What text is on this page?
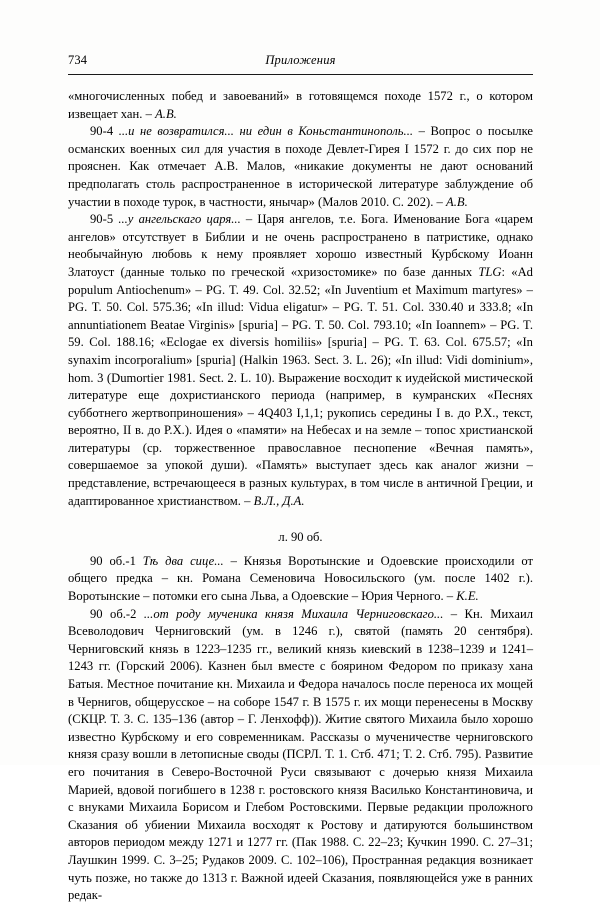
734	Приложения

«многочисленных побед и завоеваний» в готовящемся походе 1572 г., о котором извещает хан. – А.В.

90-4 ...и не возвратился... ни един в Коньстантинополь... – Вопрос о посылке османских военных сил для участия в походе Девлет-Гирея I 1572 г. до сих пор не прояснен. Как отмечает А.В. Малов, «никакие документы не дают оснований предполагать столь распространенное в исторической литературе заблуждение об участии в походе турок, в частности, янычар» (Малов 2010. С. 202). – А.В.

90-5 ...у ангельскаго царя... – Царя ангелов, т.е. Бога. Именование Бога «царем ангелов» отсутствует в Библии и не очень распространено в патристике, однако необычайную любовь к нему проявляет хорошо известный Курбскому Иоанн Златоуст (данные только по греческой «хризостомике» по базе данных TLG: «Ad populum Antiochenum» – PG. T. 49. Col. 32.52; «In Juventium et Maximum martyres» – PG. T. 50. Col. 575.36; «In illud: Vidua eligatur» – PG. T. 51. Col. 330.40 и 333.8; «In annuntiationem Beatae Virginis» [spuria] – PG. T. 50. Col. 793.10; «In Ioannem» – PG. T. 59. Col. 188.16; «Eclogae ex diversis homiliis» [spuria] – PG. T. 63. Col. 675.57; «In synaxim incorporalium» [spuria] (Halkin 1963. Sect. 3. L. 26); «In illud: Vidi dominium», hom. 3 (Dumortier 1981. Sect. 2. L. 10). Выражение восходит к иудейской мистической литературе еще дохристианского периода (например, в кумранских «Песнях субботнего жертвоприношения» – 4Q403 I,1,1; рукопись середины I в. до Р.Х., текст, вероятно, II в. до Р.Х.). Идея о «памяти» на Небесах и на земле – топос христианской литературы (ср. торжественное православное песнопение «Вечная память», совершаемое за упокой души). «Память» выступает здесь как аналог жизни – представление, встречающееся в разных культурах, в том числе в античной Греции, и адаптированное христианством. – В.Л., Д.А.

л. 90 об.

90 об.-1 Тѣ два сице... – Князья Воротынские и Одоевские происходили от общего предка – кн. Романа Семеновича Новосильского (ум. после 1402 г.). Воротынские – потомки его сына Льва, а Одоевские – Юрия Черного. – К.Е.

90 об.-2 ...от роду мученика князя Михаила Черниговскаго... – Кн. Михаил Всеволодович Черниговский (ум. в 1246 г.), святой (память 20 сентября). Черниговский князь в 1223–1235 гг., великий князь киевский в 1238–1239 и 1241–1243 гг. (Горский 2006). Казнен был вместе с боярином Федором по приказу хана Батыя. Местное почитание кн. Михаила и Федора началось после переноса их мощей в Чернигов, общерусское – на соборе 1547 г. В 1575 г. их мощи перенесены в Москву (СКЦР. Т. 3. С. 135–136 (автор – Г. Ленхофф)). Житие святого Михаила было хорошо известно Курбскому и его современникам. Рассказы о мученичестве черниговского князя сразу вошли в летописные своды (ПСРЛ. Т. 1. Стб. 471; Т. 2. Стб. 795). Развитие его почитания в Северо-Восточной Руси связывают с дочерью князя Михаила Марией, вдовой погибшего в 1238 г. ростовского князя Василько Константиновича, и с внуками Михаила Борисом и Глебом Ростовскими. Первые редакции проложного Сказания об убиении Михаила восходят к Ростову и датируются большинством авторов периодом между 1271 и 1277 гг. (Пак 1988. С. 22–23; Кучкин 1990. С. 27–31; Лаушкин 1999. С. 3–25; Рудаков 2009. С. 102–106), Пространная редакция возникает чуть позже, но также до 1313 г. Важной идеей Сказания, появляющейся уже в ранних редак-
